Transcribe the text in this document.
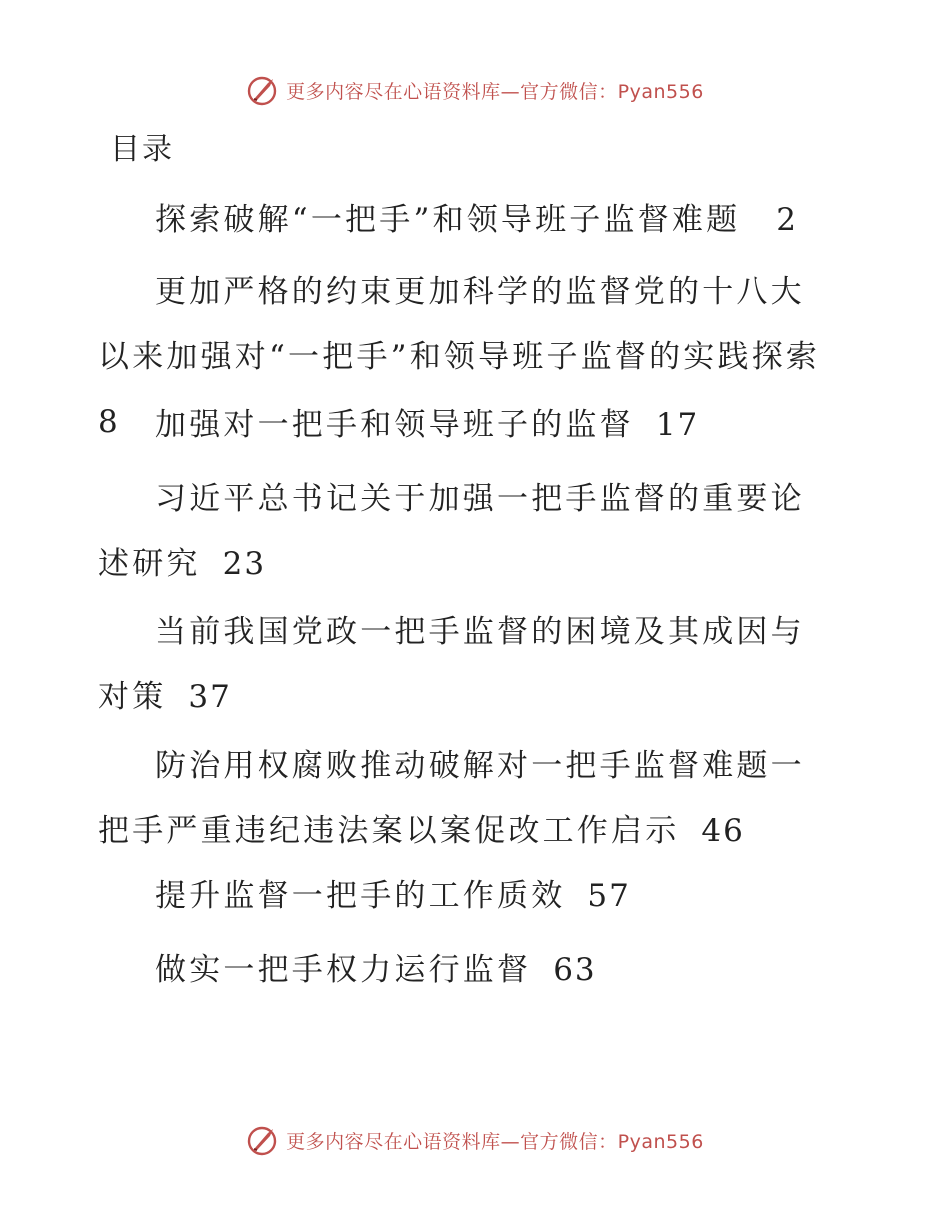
更多内容尽在心语资料库—官方微信：Pyan556
目录
探索破解“一把手”和领导班子监督难题 2
更加严格的约束更加科学的监督党的十八大以来加强对“一把手”和领导班子监督的实践探索8	加强对一把手和领导班子的监督 17
习近平总书记关于加强一把手监督的重要论述研究 23
当前我国党政一把手监督的困境及其成因与对策 37
防治用权腐败推动破解对一把手监督难题一把手严重违纪违法案以案促改工作启示 46
提升监督一把手的工作质效 57
做实一把手权力运行监督 63
更多内容尽在心语资料库—官方微信：Pyan556
